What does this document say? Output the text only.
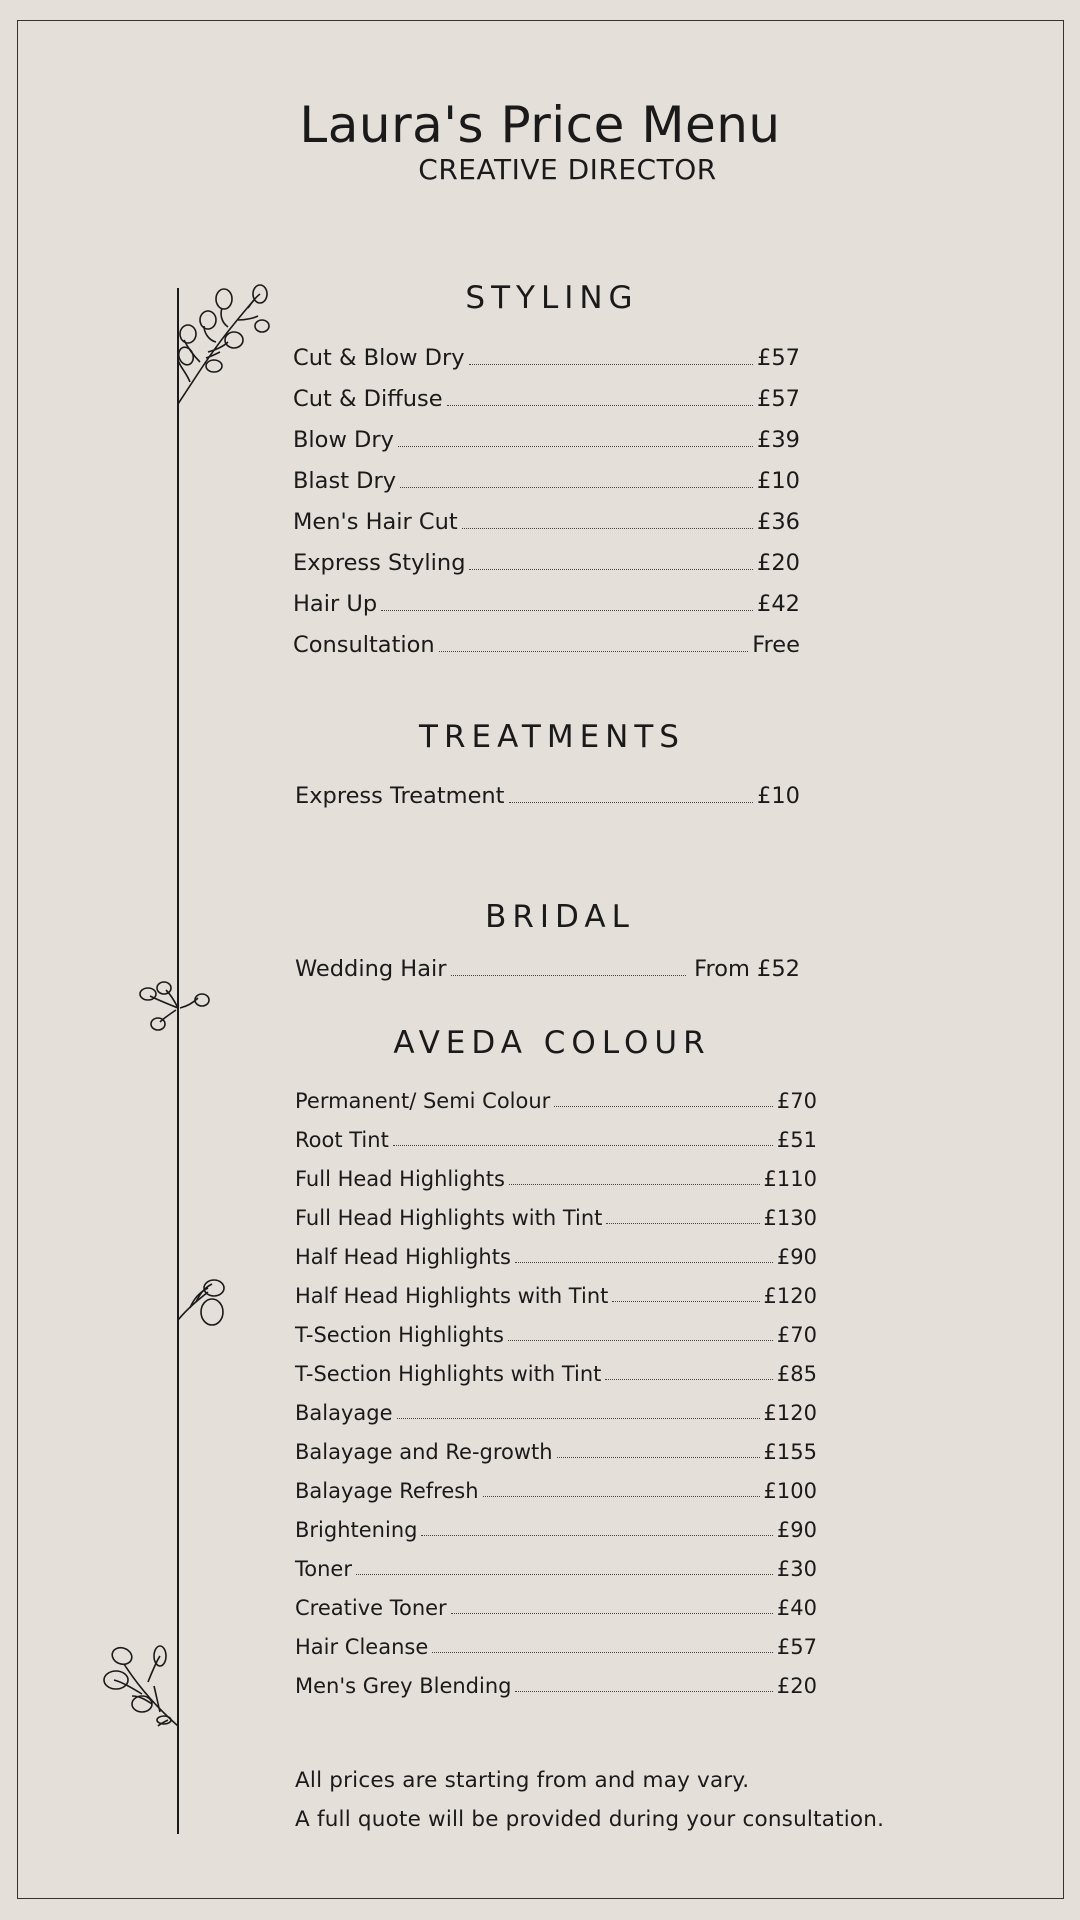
Laura's Price Menu

CREATIVE DIRECTOR

STYLING
Cut & Blow Dry	£57
Cut & Diffuse	£57
Blow Dry	£39
Blast Dry	£10
Men's Hair Cut	£36
Express Styling	£20
Hair Up	£42
Consultation	Free
TREATMENTS
Express Treatment	£10
BRIDAL
Wedding Hair	From £52
AVEDA COLOUR
Permanent/ Semi Colour	£70
Root Tint	£51
Full Head Highlights	£110
Full Head Highlights with Tint	£130
Half Head Highlights	£90
Half Head Highlights with Tint	£120
T-Section Highlights	£70
T-Section Highlights with Tint	£85
Balayage	£120
Balayage and Re-growth	£155
Balayage Refresh	£100
Brightening	£90
Toner	£30
Creative Toner	£40
Hair Cleanse	£57
Men's Grey Blending	£20
All prices are starting from and may vary.
A full quote will be provided during your consultation.
